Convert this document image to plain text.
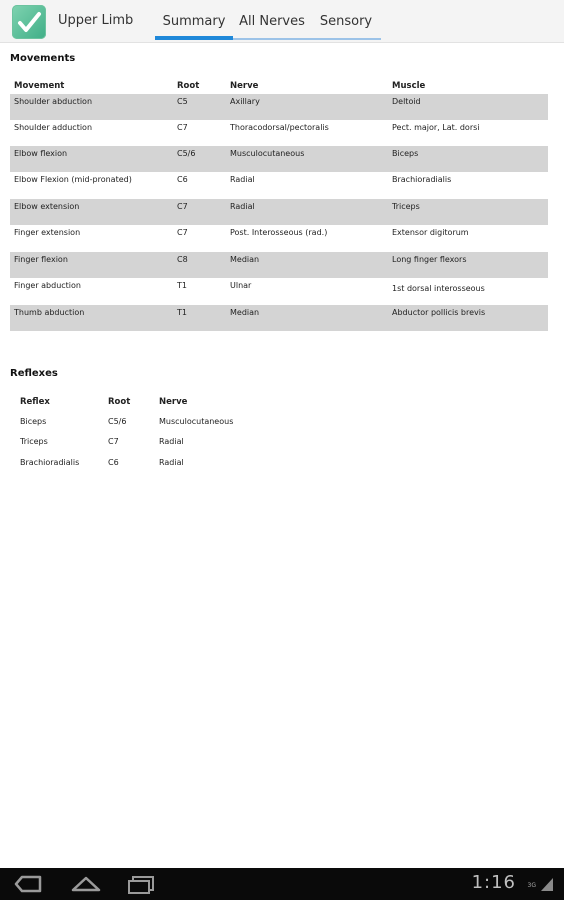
Upper Limb	Summary	All Nerves	Sensory
Movements
Movement	Root	Nerve	Muscle
Shoulder abduction	C5	Axillary	Deltoid
Shoulder adduction	C7	Thoracodorsal/pectoralis	Pect. major, Lat. dorsi
Elbow flexion	C5/6	Musculocutaneous	Biceps
Elbow Flexion (mid-pronated)	C6	Radial	Brachioradialis
Elbow extension	C7	Radial	Triceps
Finger extension	C7	Post. Interosseous (rad.)	Extensor digitorum
Finger flexion	C8	Median	Long finger flexors
Finger abduction	T1	Ulnar	1st dorsal interosseous
Thumb abduction	T1	Median	Abductor pollicis brevis
Reflexes
Reflex	Root	Nerve
Biceps	C5/6	Musculocutaneous
Triceps	C7	Radial
Brachioradialis	C6	Radial
1:16 3G
